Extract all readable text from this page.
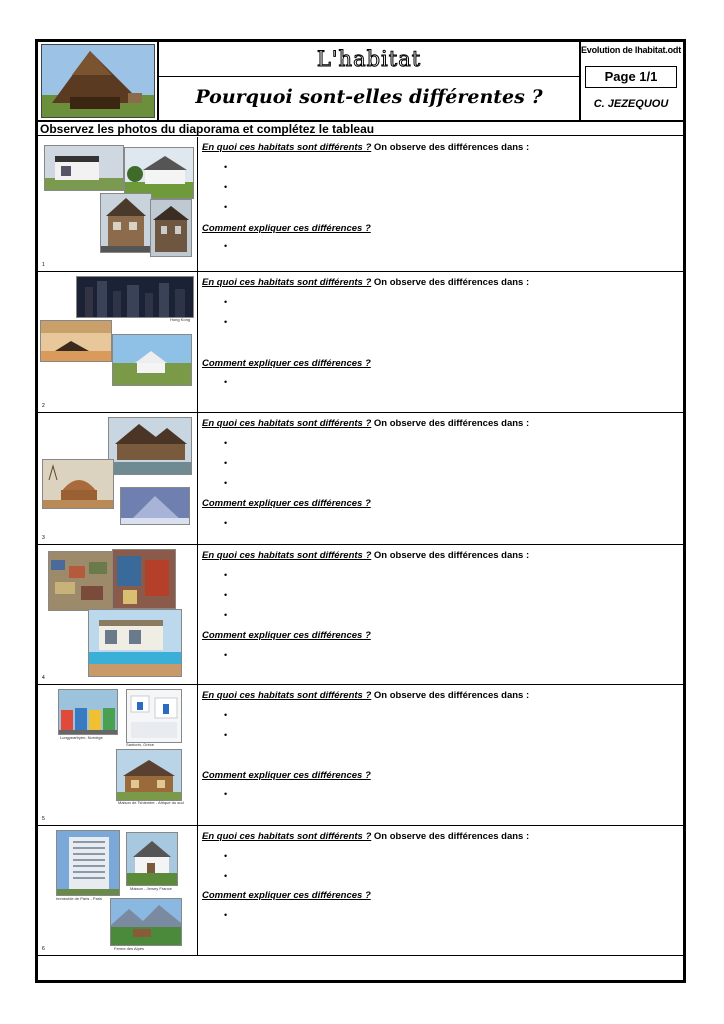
L'habitat
Pourquoi sont-elles différentes ?
Evolution de lhabitat.odt
Page 1/1
C. JEZEQUOU
Observez les photos du diaporama et complétez le tableau
1
En quoi ces habitats sont différents ? On observe des différences dans :
•
•
•
Comment expliquer ces différences ?
•
Hong Kong
2
En quoi ces habitats sont différents ? On observe des différences dans :
•
•
Comment expliquer ces différences ?
•
3
En quoi ces habitats sont différents ? On observe des différences dans :
•
•
•
Comment expliquer ces différences ?
•
4
En quoi ces habitats sont différents ? On observe des différences dans :
•
•
•
Comment expliquer ces différences ?
•
Longyearbyen, Norvège
Santorin, Grèce
Maison de Tshiembe - Afrique du sud
5
En quoi ces habitats sont différents ? On observe des différences dans :
•
•
Comment expliquer ces différences ?
•
Immeuble de Paris - Paris
Maison - Jersey France
Ferme des Alpes
6
En quoi ces habitats sont différents ? On observe des différences dans :
•
•
Comment expliquer ces différences ?
•
